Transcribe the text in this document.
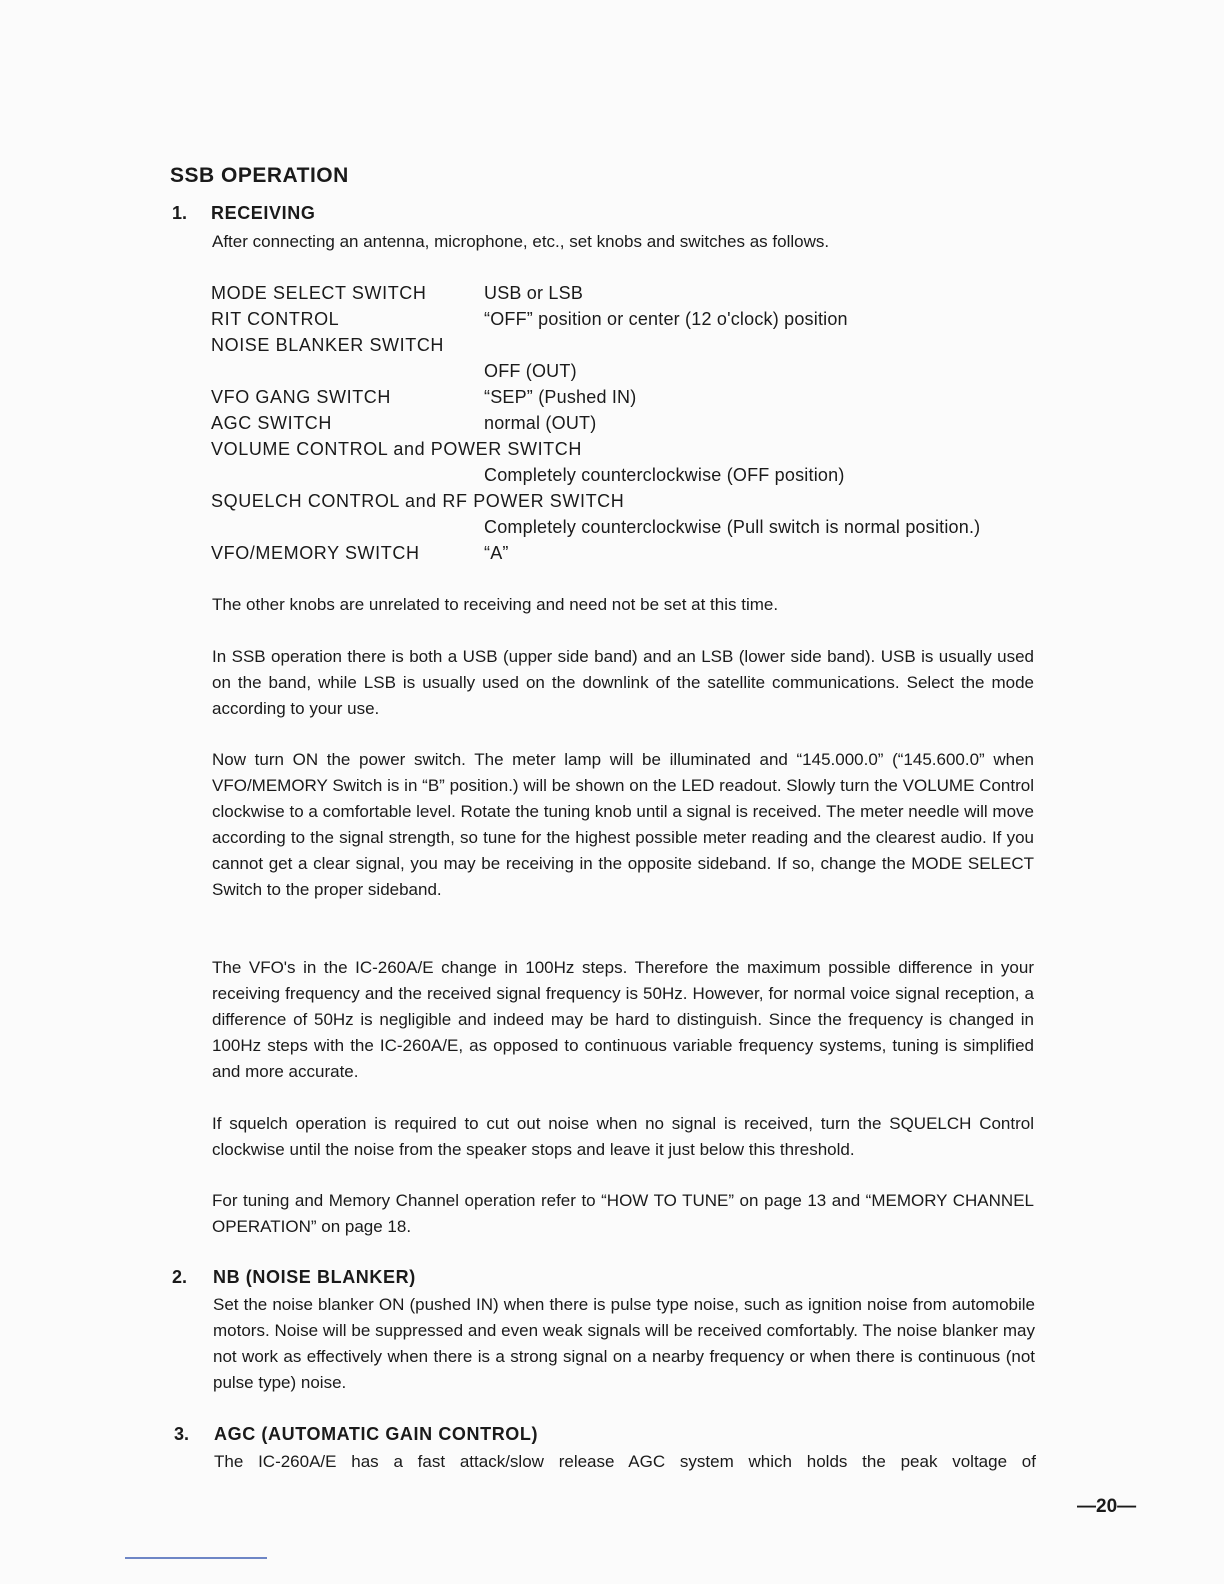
SSB OPERATION
1. RECEIVING
After connecting an antenna, microphone, etc., set knobs and switches as follows.
MODE SELECT SWITCH	USB or LSB
RIT CONTROL	“OFF” position or center (12 o'clock) position
NOISE BLANKER SWITCH
OFF (OUT)
VFO GANG SWITCH	“SEP” (Pushed IN)
AGC SWITCH	normal (OUT)
VOLUME CONTROL and POWER SWITCH
Completely counterclockwise (OFF position)
SQUELCH CONTROL and RF POWER SWITCH
Completely counterclockwise (Pull switch is normal position.)
VFO/MEMORY SWITCH	“A”
The other knobs are unrelated to receiving and need not be set at this time.
In SSB operation there is both a USB (upper side band) and an LSB (lower side band). USB is usually used on the band, while LSB is usually used on the downlink of the satellite communications. Select the mode according to your use.
Now turn ON the power switch. The meter lamp will be illuminated and “145.000.0” (“145.600.0” when VFO/MEMORY Switch is in “B” position.) will be shown on the LED readout. Slowly turn the VOLUME Control clockwise to a comfortable level. Rotate the tuning knob until a signal is received. The meter needle will move according to the signal strength, so tune for the highest possible meter reading and the clearest audio. If you cannot get a clear signal, you may be receiving in the opposite sideband. If so, change the MODE SELECT Switch to the proper sideband.
The VFO's in the IC-260A/E change in 100Hz steps. Therefore the maximum possible difference in your receiving frequency and the received signal frequency is 50Hz. However, for normal voice signal reception, a difference of 50Hz is negligible and indeed may be hard to distinguish. Since the frequency is changed in 100Hz steps with the IC-260A/E, as opposed to continuous variable frequency systems, tuning is simplified and more accurate.
If squelch operation is required to cut out noise when no signal is received, turn the SQUELCH Control clockwise until the noise from the speaker stops and leave it just below this threshold.
For tuning and Memory Channel operation refer to “HOW TO TUNE” on page 13 and “MEMORY CHANNEL OPERATION” on page 18.
2. NB (NOISE BLANKER)
Set the noise blanker ON (pushed IN) when there is pulse type noise, such as ignition noise from automobile motors. Noise will be suppressed and even weak signals will be received comfortably. The noise blanker may not work as effectively when there is a strong signal on a nearby frequency or when there is continuous (not pulse type) noise.
3. AGC (AUTOMATIC GAIN CONTROL)
The IC-260A/E has a fast attack/slow release AGC system which holds the peak voltage of
—20—
